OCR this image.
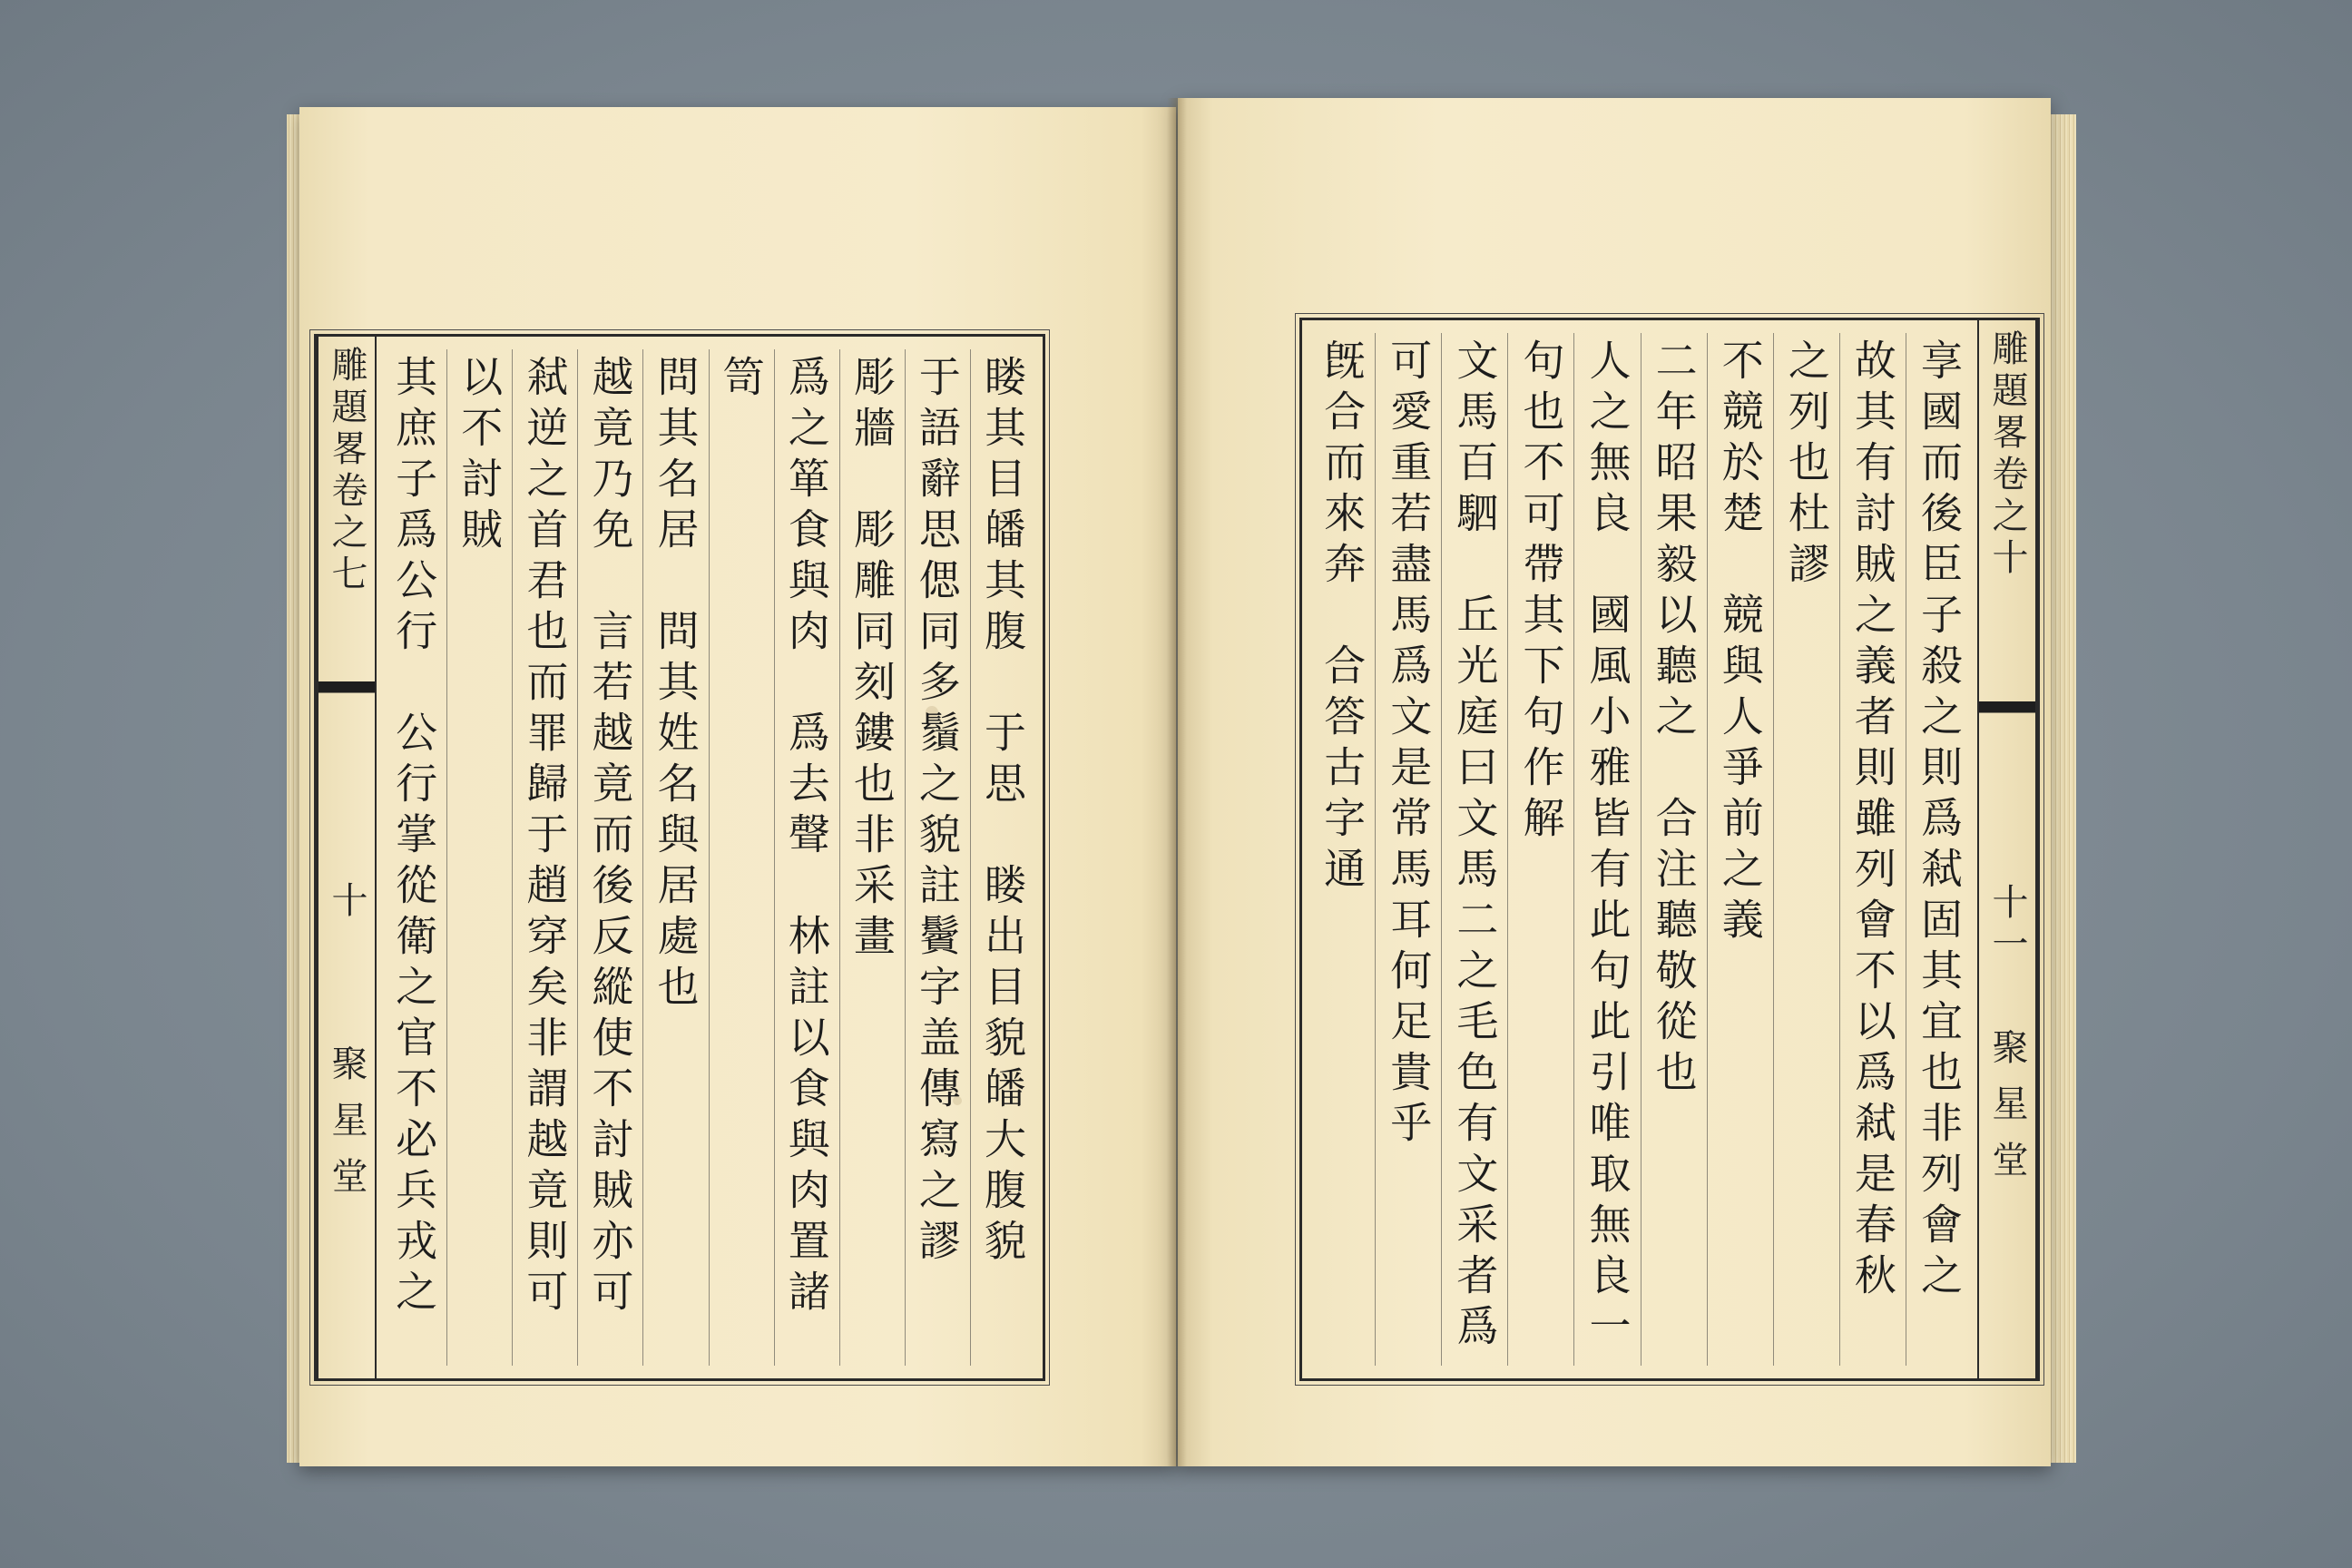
雕題畧卷之七
十
聚星堂	䁖其目皤其腹　于思　䁖出目貌皤大腹貌
于語辭思偲同多鬚之貌註鬢字盖傳寫之謬
彫牆　彫雕同刻鏤也非采畫
爲之箪食與肉　爲去聲　林註以食與肉置諸
笥
問其名居　問其姓名與居處也
越竟乃免　言若越竟而後反縱使不討賊亦可
弒逆之首君也而罪歸于趙穿矣非謂越竟則可
以不討賊
其庶子爲公行　公行掌從衛之官不必兵戎之	享國而後臣子殺之則爲弒固其宜也非列會之
故其有討賊之義者則雖列會不以爲弒是春秋
之列也杜謬
不競於楚　競與人爭前之義
二年昭果毅以聽之　合注聽敬從也
人之無良　國風小雅皆有此句此引唯取無良一
句也不可帶其下句作解
文馬百駟　丘光庭曰文馬二之毛色有文采者爲
可愛重若盡馬爲文是常馬耳何足貴乎
旣合而來奔　合答古字通	雕題畧卷之十
十一
聚星堂
